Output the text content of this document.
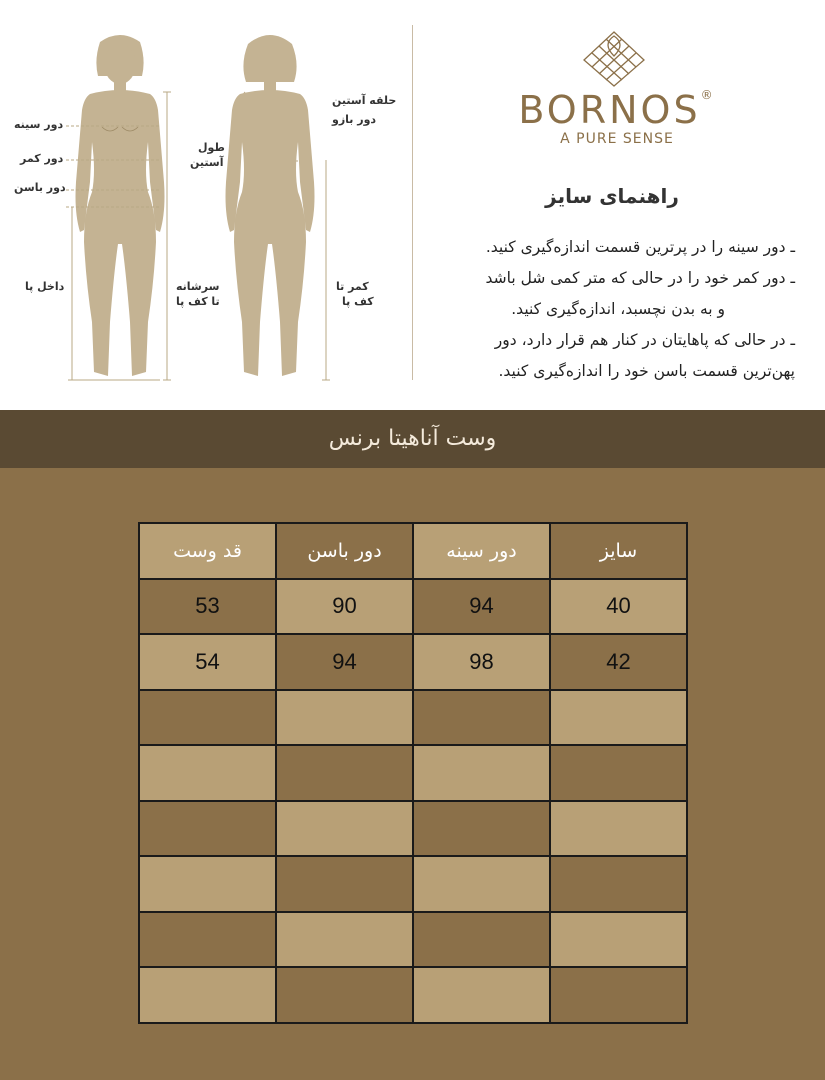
دور سینه
دور کمر
دور باسن
داخل پا	سرشانه
تا کف پا
حلقه آستین
دور بازو
طول
آستین
کمر تا
کف پا
BORNOS®
A PURE SENSE
راهنمای سایز
ـ دور سینه را در پرترین قسمت اندازه‌گیری کنید.
ـ دور کمر خود را در حالی که متر کمی شل باشد
و به بدن نچسبد، اندازه‌گیری کنید.
ـ در حالی که پاهایتان در کنار هم قرار دارد، دور
پهن‌ترین قسمت باسن خود را اندازه‌گیری کنید.
وست آناهیتا برنس
سایز	دور سینه	دور باسن	قد وست
40	94	90	53
42	98	94	54
